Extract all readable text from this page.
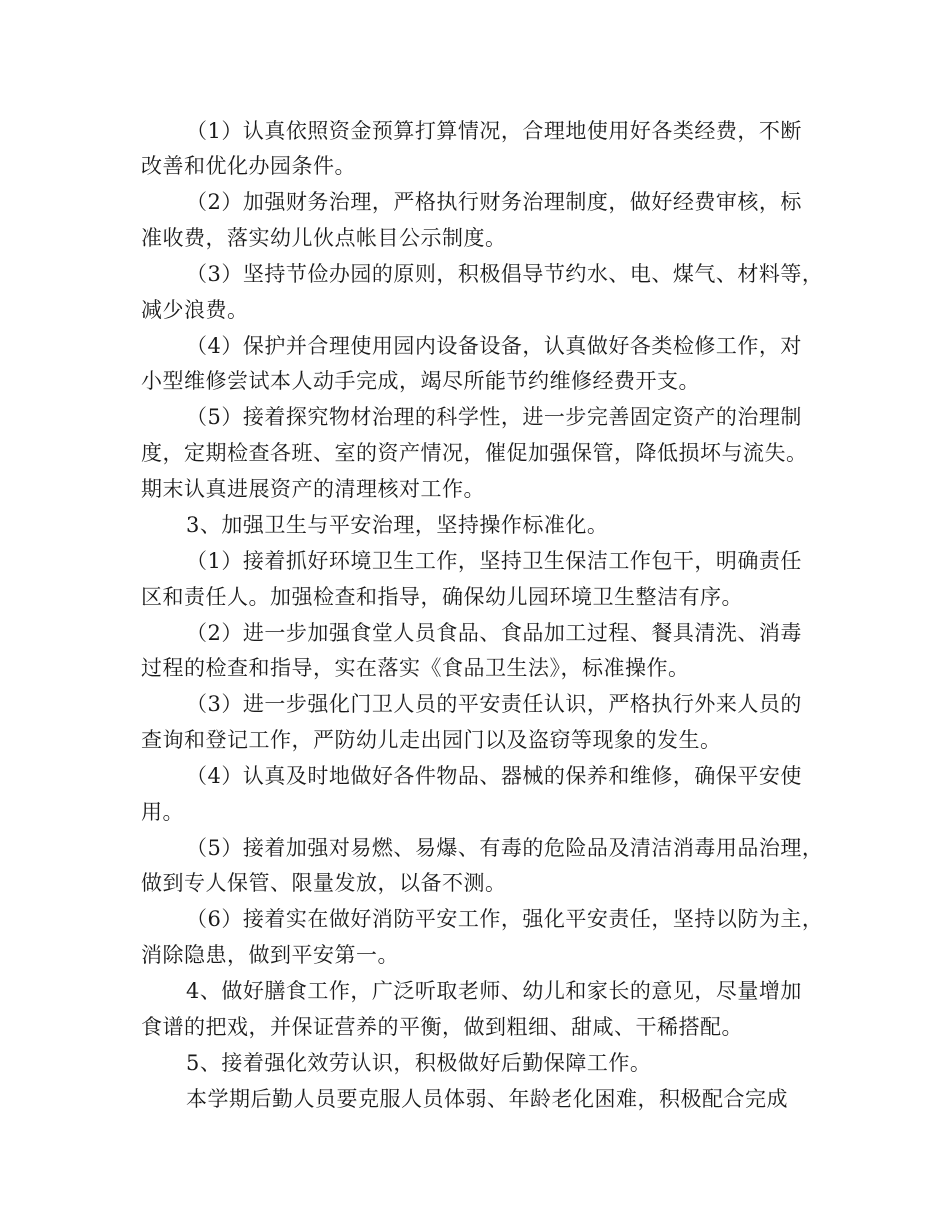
（1）认真依照资金预算打算情况，合理地使用好各类经费，不断
改善和优化办园条件。
（2）加强财务治理，严格执行财务治理制度，做好经费审核，标
准收费，落实幼儿伙点帐目公示制度。
（3）坚持节俭办园的原则，积极倡导节约水、电、煤气、材料等，
减少浪费。
（4）保护并合理使用园内设备设备，认真做好各类检修工作，对
小型维修尝试本人动手完成，竭尽所能节约维修经费开支。
（5）接着探究物材治理的科学性，进一步完善固定资产的治理制
度，定期检查各班、室的资产情况，催促加强保管，降低损坏与流失。
期末认真进展资产的清理核对工作。
3、加强卫生与平安治理，坚持操作标准化。
（1）接着抓好环境卫生工作，坚持卫生保洁工作包干，明确责任
区和责任人。加强检查和指导，确保幼儿园环境卫生整洁有序。
（2）进一步加强食堂人员食品、食品加工过程、餐具清洗、消毒
过程的检查和指导，实在落实《食品卫生法》，标准操作。
（3）进一步强化门卫人员的平安责任认识，严格执行外来人员的
查询和登记工作，严防幼儿走出园门以及盗窃等现象的发生。
（4）认真及时地做好各件物品、器械的保养和维修，确保平安使
用。
（5）接着加强对易燃、易爆、有毒的危险品及清洁消毒用品治理，
做到专人保管、限量发放，以备不测。
（6）接着实在做好消防平安工作，强化平安责任，坚持以防为主，
消除隐患，做到平安第一。
4、做好膳食工作，广泛听取老师、幼儿和家长的意见，尽量增加
食谱的把戏，并保证营养的平衡，做到粗细、甜咸、干稀搭配。
5、接着强化效劳认识，积极做好后勤保障工作。
本学期后勤人员要克服人员体弱、年龄老化困难，积极配合完成
